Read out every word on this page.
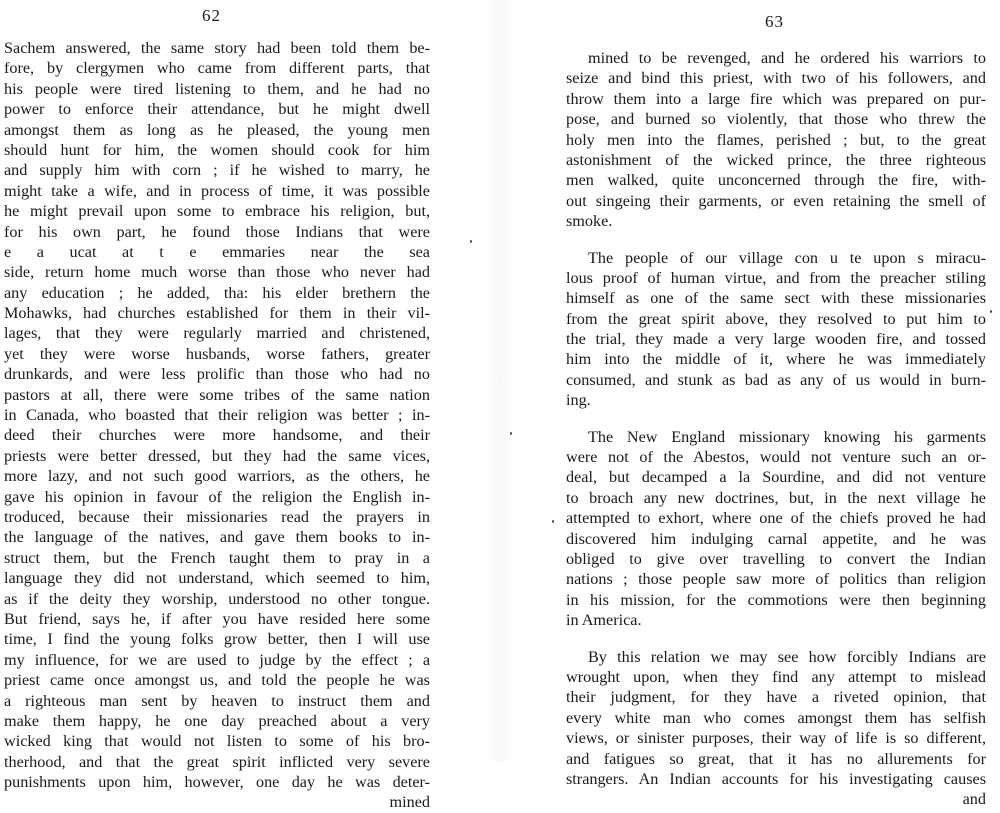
62
Sachem answered, the same story had been told them be-
fore, by clergymen who came from different parts, that
his people were tired listening to them, and he had no
power to enforce their attendance, but he might dwell
amongst them as long as he pleased, the young men
should hunt for him, the women should cook for him
and supply him with corn ; if he wished to marry, he
might take a wife, and in process of time, it was possible
he might prevail upon some to embrace his religion, but,
for his own part, he found those Indians that were
e a ucat at t e emmaries near the sea
side, return home much worse than those who never had
any education ; he added, tha: his elder brethern the
Mohawks, had churches established for them in their vil-
lages, that they were regularly married and christened,
yet they were worse husbands, worse fathers, greater
drunkards, and were less prolific than those who had no
pastors at all, there were some tribes of the same nation
in Canada, who boasted that their religion was better ; in-
deed their churches were more handsome, and their
priests were better dressed, but they had the same vices,
more lazy, and not such good warriors, as the others, he
gave his opinion in favour of the religion the English in-
troduced, because their missionaries read the prayers in
the language of the natives, and gave them books to in-
struct them, but the French taught them to pray in a
language they did not understand, which seemed to him,
as if the deity they worship, understood no other tongue.
But friend, says he, if after you have resided here some
time, I find the young folks grow better, then I will use
my influence, for we are used to judge by the effect ; a
priest came once amongst us, and told the people he was
a righteous man sent by heaven to instruct them and
make them happy, he one day preached about a very
wicked king that would not listen to some of his bro-
therhood, and that the great spirit inflicted very severe
punishments upon him, however, one day he was deter-
mined
63
mined to be revenged, and he ordered his warriors to
seize and bind this priest, with two of his followers, and
throw them into a large fire which was prepared on pur-
pose, and burned so violently, that those who threw the
holy men into the flames, perished ; but, to the great
astonishment of the wicked prince, the three righteous
men walked, quite unconcerned through the fire, with-
out singeing their garments, or even retaining the smell of
smoke.
The people of our village con u te upon s miracu-
lous proof of human virtue, and from the preacher stiling
himself as one of the same sect with these missionaries
from the great spirit above, they resolved to put him to
the trial, they made a very large wooden fire, and tossed
him into the middle of it, where he was immediately
consumed, and stunk as bad as any of us would in burn-
ing.
The New England missionary knowing his garments
were not of the Abestos, would not venture such an or-
deal, but decamped a la Sourdine, and did not venture
to broach any new doctrines, but, in the next village he
attempted to exhort, where one of the chiefs proved he had
discovered him indulging carnal appetite, and he was
obliged to give over travelling to convert the Indian
nations ; those people saw more of politics than religion
in his mission, for the commotions were then beginning
in America.
By this relation we may see how forcibly Indians are
wrought upon, when they find any attempt to mislead
their judgment, for they have a riveted opinion, that
every white man who comes amongst them has selfish
views, or sinister purposes, their way of life is so different,
and fatigues so great, that it has no allurements for
strangers. An Indian accounts for his investigating causes
and
